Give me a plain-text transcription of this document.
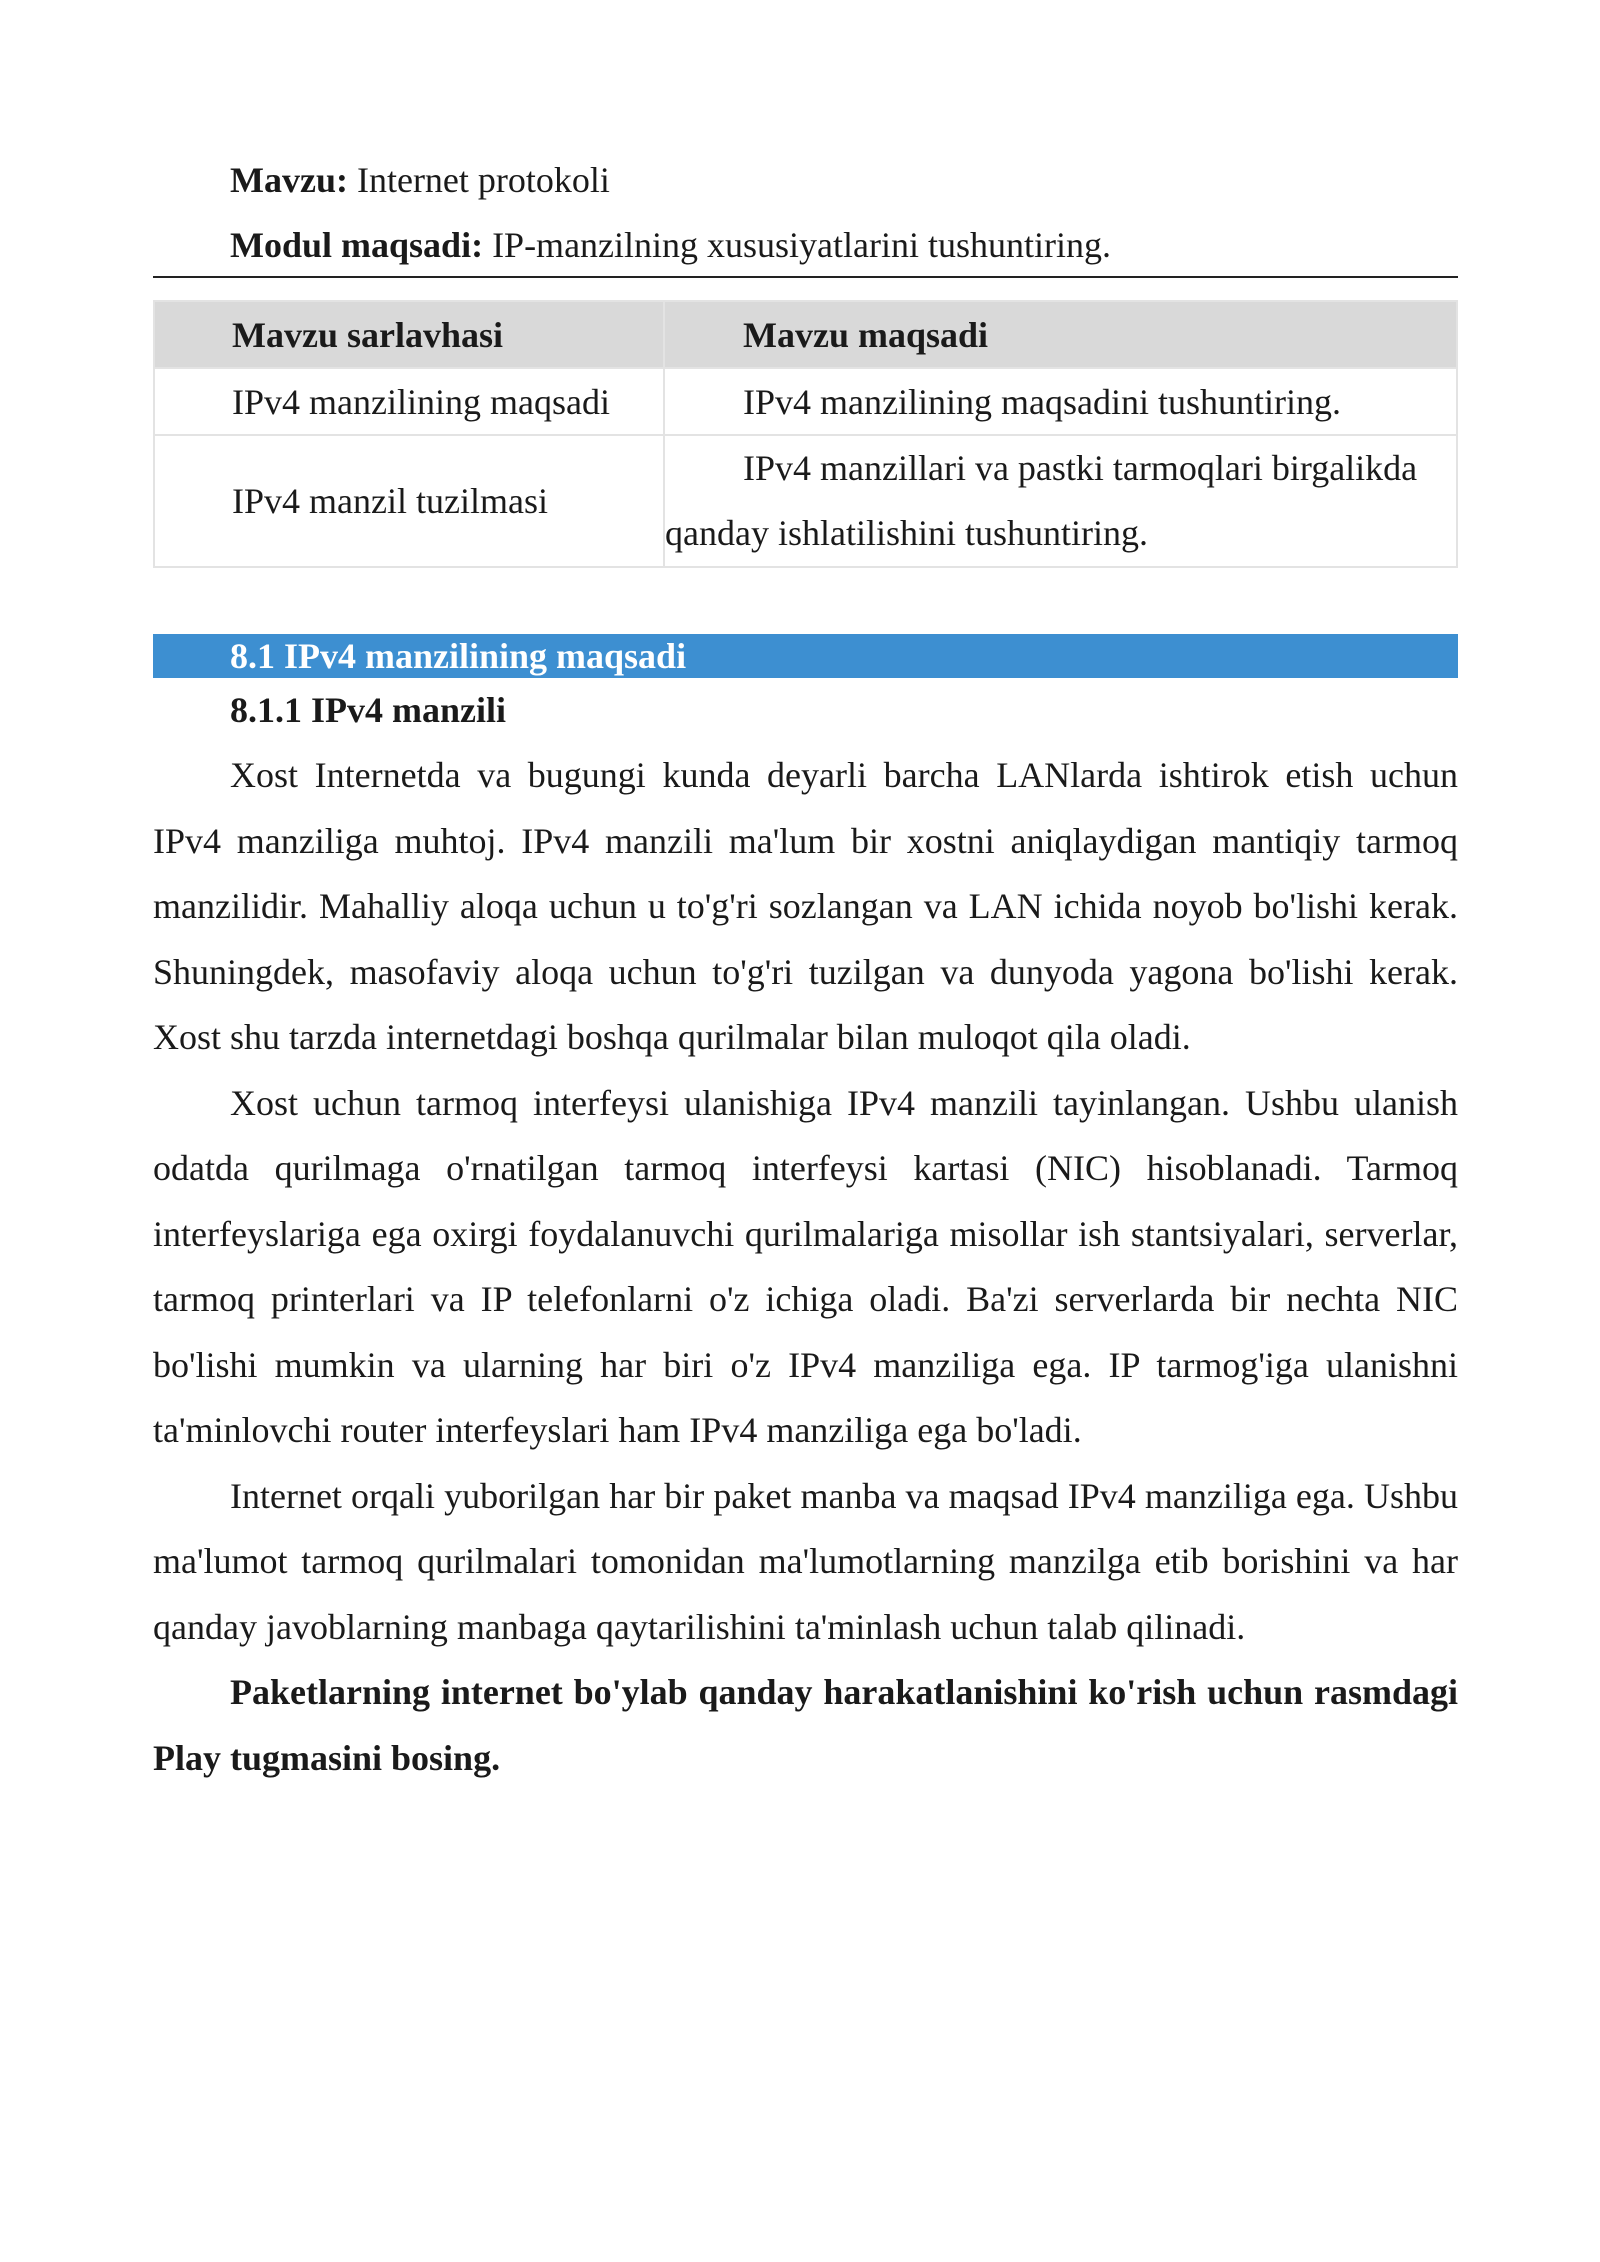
Mavzu: Internet protokoli
Modul maqsadi: IP-manzilning xususiyatlarini tushuntiring.
Mavzu sarlavhasi	Mavzu maqsadi

IPv4 manzilining maqsadi	IPv4 manzilining maqsadini tushuntiring.

IPv4 manzil tuzilmasi	IPv4 manzillari va pastki tarmoqlari birgalikda
qanday ishlatilishini tushuntiring.
8.1 IPv4 manzilining maqsadi
8.1.1 IPv4 manzili

Xost Internetda va bugungi kunda deyarli barcha LANlarda ishtirok etish uchun IPv4 manziliga muhtoj. IPv4 manzili ma'lum bir xostni aniqlaydigan mantiqiy tarmoq manzilidir. Mahalliy aloqa uchun u to'g'ri sozlangan va LAN ichida noyob bo'lishi kerak. Shuningdek, masofaviy aloqa uchun to'g'ri tuzilgan va dunyoda yagona bo'lishi kerak. Xost shu tarzda internetdagi boshqa qurilmalar bilan muloqot qila oladi.

Xost uchun tarmoq interfeysi ulanishiga IPv4 manzili tayinlangan. Ushbu ulanish odatda qurilmaga o'rnatilgan tarmoq interfeysi kartasi (NIC) hisoblanadi. Tarmoq interfeyslariga ega oxirgi foydalanuvchi qurilmalariga misollar ish stantsiyalari, serverlar, tarmoq printerlari va IP telefonlarni o'z ichiga oladi. Ba'zi serverlarda bir nechta NIC bo'lishi mumkin va ularning har biri o'z IPv4 manziliga ega. IP tarmog'iga ulanishni ta'minlovchi router interfeyslari ham IPv4 manziliga ega bo'ladi.

Internet orqali yuborilgan har bir paket manba va maqsad IPv4 manziliga ega. Ushbu ma'lumot tarmoq qurilmalari tomonidan ma'lumotlarning manzilga etib borishini va har qanday javoblarning manbaga qaytarilishini ta'minlash uchun talab qilinadi.

Paketlarning internet bo'ylab qanday harakatlanishini ko'rish uchun rasmdagi Play tugmasini bosing.
